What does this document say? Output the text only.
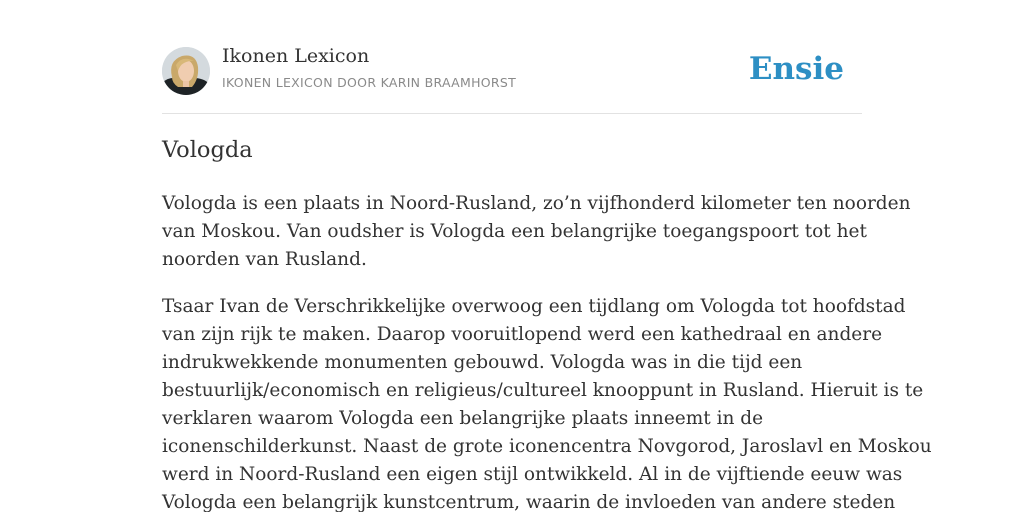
Ikonen Lexicon
IKONEN LEXICON DOOR KARIN BRAAMHORST	Ensie
Vologda

Vologda is een plaats in Noord-Rusland, zo’n vijfhonderd kilometer ten noorden
van Moskou. Van oudsher is Vologda een belangrijke toegangspoort tot het
noorden van Rusland.

Tsaar Ivan de Verschrikkelijke overwoog een tijdlang om Vologda tot hoofdstad
van zijn rijk te maken. Daarop vooruitlopend werd een kathedraal en andere
indrukwekkende monumenten gebouwd. Vologda was in die tijd een
bestuurlijk/economisch en religieus/cultureel knooppunt in Rusland. Hieruit is te
verklaren waarom Vologda een belangrijke plaats inneemt in de
iconenschilderkunst. Naast de grote iconencentra Novgorod, Jaroslavl en Moskou
werd in Noord-Rusland een eigen stijl ontwikkeld. Al in de vijftiende eeuw was
Vologda een belangrijk kunstcentrum, waarin de invloeden van andere steden
